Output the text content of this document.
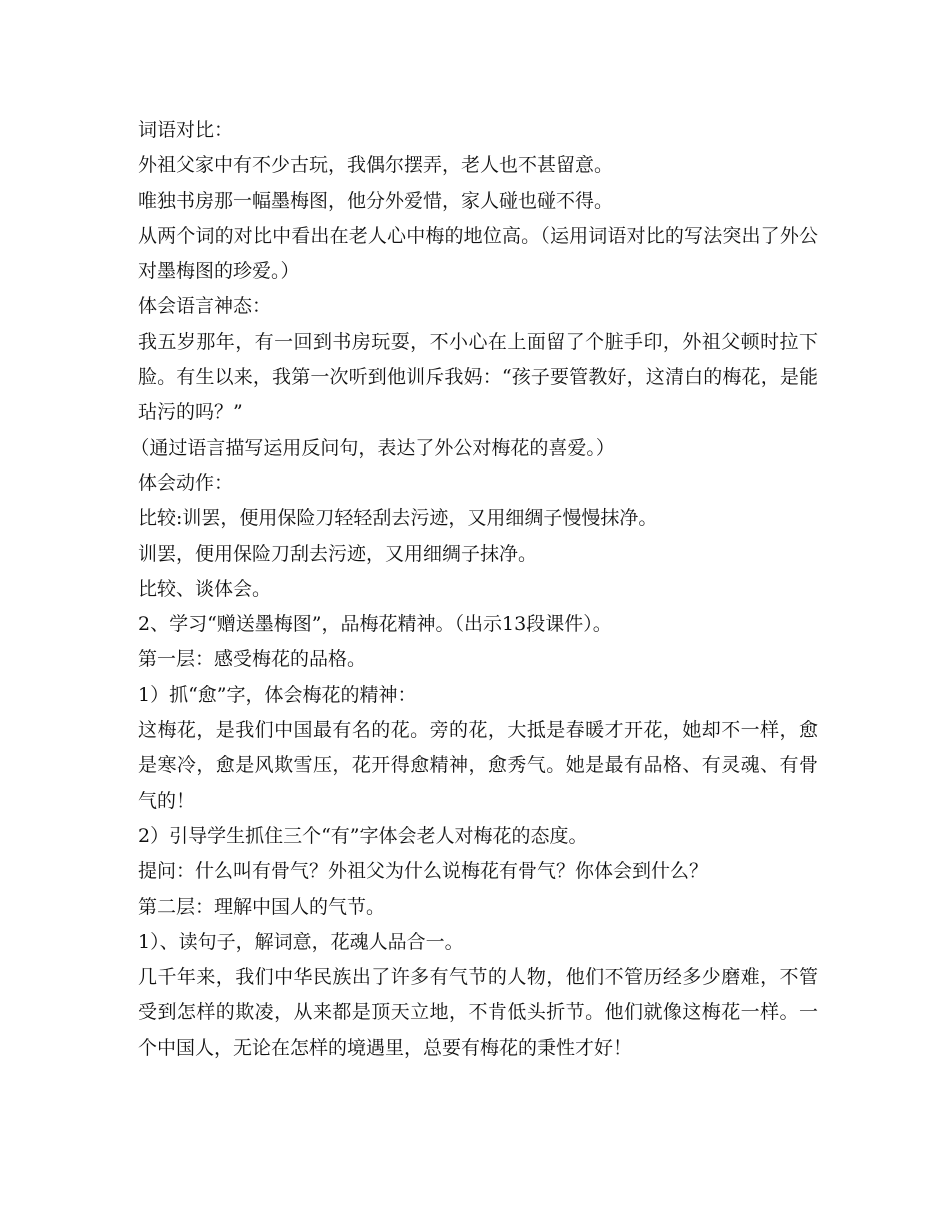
词语对比：

外祖父家中有不少古玩，我偶尔摆弄，老人也不甚留意。

唯独书房那一幅墨梅图，他分外爱惜，家人碰也碰不得。

从两个词的对比中看出在老人心中梅的地位高。（运用词语对比的写法突出了外公对墨梅图的珍爱。）

体会语言神态：

我五岁那年，有一回到书房玩耍，不小心在上面留了个脏手印，外祖父顿时拉下脸。有生以来，我第一次听到他训斥我妈：“孩子要管教好，这清白的梅花，是能玷污的吗？”

（通过语言描写运用反问句，表达了外公对梅花的喜爱。）

体会动作：

比较:训罢，便用保险刀轻轻刮去污迹，又用细绸子慢慢抹净。

训罢，便用保险刀刮去污迹，又用细绸子抹净。

比较、谈体会。

2、学习“赠送墨梅图”，品梅花精神。（出示13段课件）。

第一层：感受梅花的品格。

1）抓“愈”字，体会梅花的精神：

这梅花，是我们中国最有名的花。旁的花，大抵是春暖才开花，她却不一样，愈是寒冷，愈是风欺雪压，花开得愈精神，愈秀气。她是最有品格、有灵魂、有骨气的！

2）引导学生抓住三个“有”字体会老人对梅花的态度。

提问：什么叫有骨气？外祖父为什么说梅花有骨气？你体会到什么？

第二层：理解中国人的气节。

1）、读句子，解词意，花魂人品合一。

几千年来，我们中华民族出了许多有气节的人物，他们不管历经多少磨难，不管受到怎样的欺凌，从来都是顶天立地，不肯低头折节。他们就像这梅花一样。一个中国人，无论在怎样的境遇里，总要有梅花的秉性才好！
